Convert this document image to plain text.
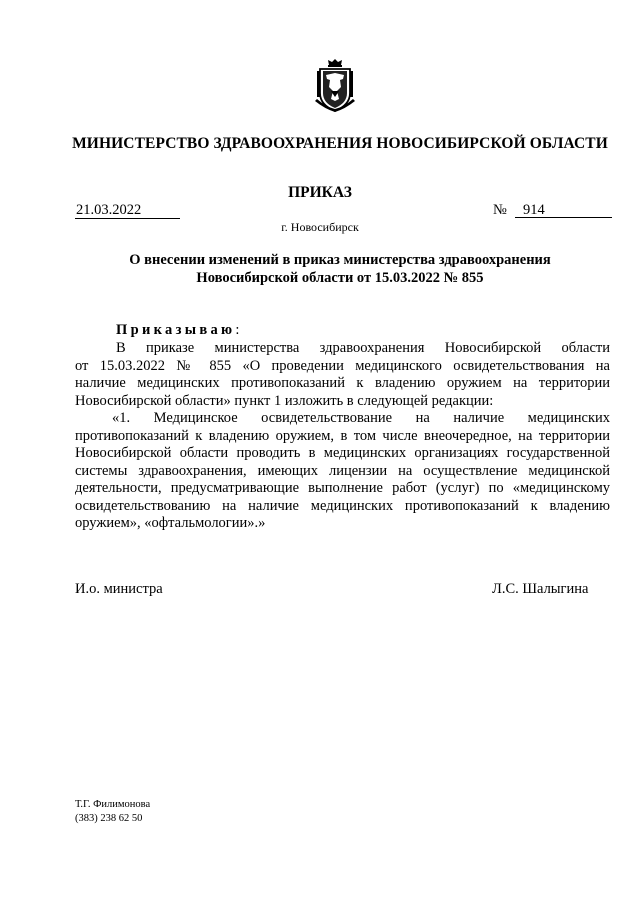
МИНИСТЕРСТВО ЗДРАВООХРАНЕНИЯ НОВОСИБИРСКОЙ ОБЛАСТИ
ПРИКАЗ
21.03.2022	№	914
г. Новосибирск
О внесении изменений в приказ министерства здравоохранения
Новосибирской области от 15.03.2022 № 855
Приказываю:
В приказе министерства здравоохранения Новосибирской области
от 15.03.2022 № 855 «О проведении медицинского освидетельствования на
наличие медицинских противопоказаний к владению оружием на территории
Новосибирской области» пункт 1 изложить в следующей редакции:
«1. Медицинское освидетельствование на наличие медицинских
противопоказаний к владению оружием, в том числе внеочередное, на территории
Новосибирской области проводить в медицинских организациях государственной
системы здравоохранения, имеющих лицензии на осуществление медицинской
деятельности, предусматривающие выполнение работ (услуг) по «медицинскому
освидетельствованию на наличие медицинских противопоказаний к владению
оружием», «офтальмологии».»
И.о. министра	Л.С. Шалыгина
Т.Г. Филимонова
(383) 238 62 50
